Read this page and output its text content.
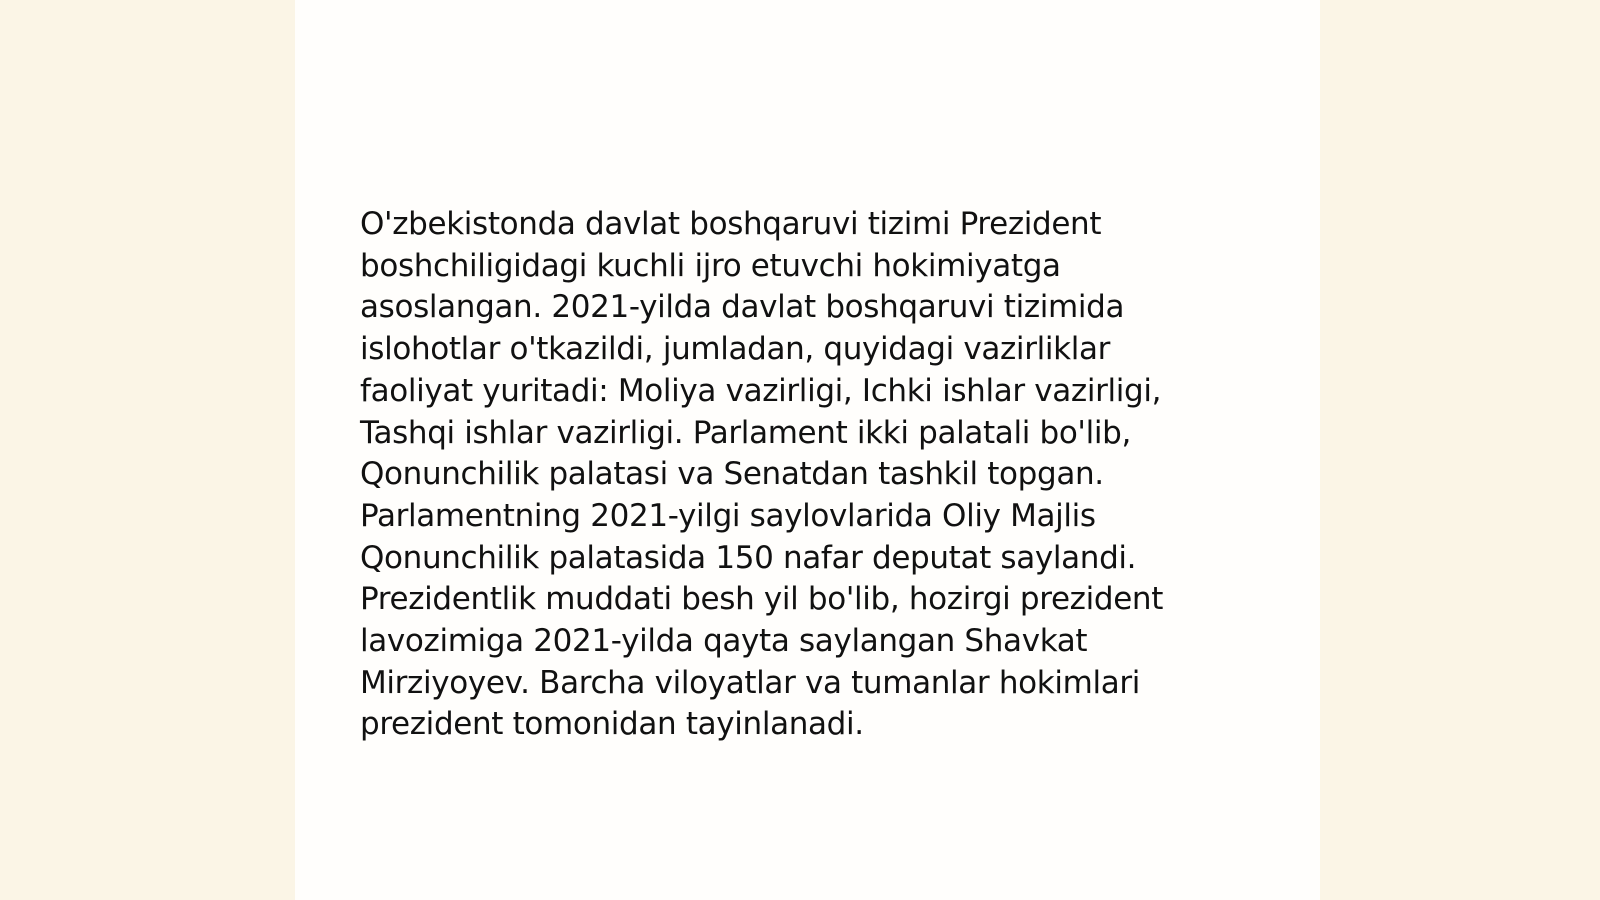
O'zbekistonda davlat boshqaruvi tizimi Prezident
boshchiligidagi kuchli ijro etuvchi hokimiyatga
asoslangan. 2021-yilda davlat boshqaruvi tizimida
islohotlar o'tkazildi, jumladan, quyidagi vazirliklar
faoliyat yuritadi: Moliya vazirligi, Ichki ishlar vazirligi,
Tashqi ishlar vazirligi. Parlament ikki palatali bo'lib,
Qonunchilik palatasi va Senatdan tashkil topgan.
Parlamentning 2021-yilgi saylovlarida Oliy Majlis
Qonunchilik palatasida 150 nafar deputat saylandi.
Prezidentlik muddati besh yil bo'lib, hozirgi prezident
lavozimiga 2021-yilda qayta saylangan Shavkat
Mirziyoyev. Barcha viloyatlar va tumanlar hokimlari
prezident tomonidan tayinlanadi.
